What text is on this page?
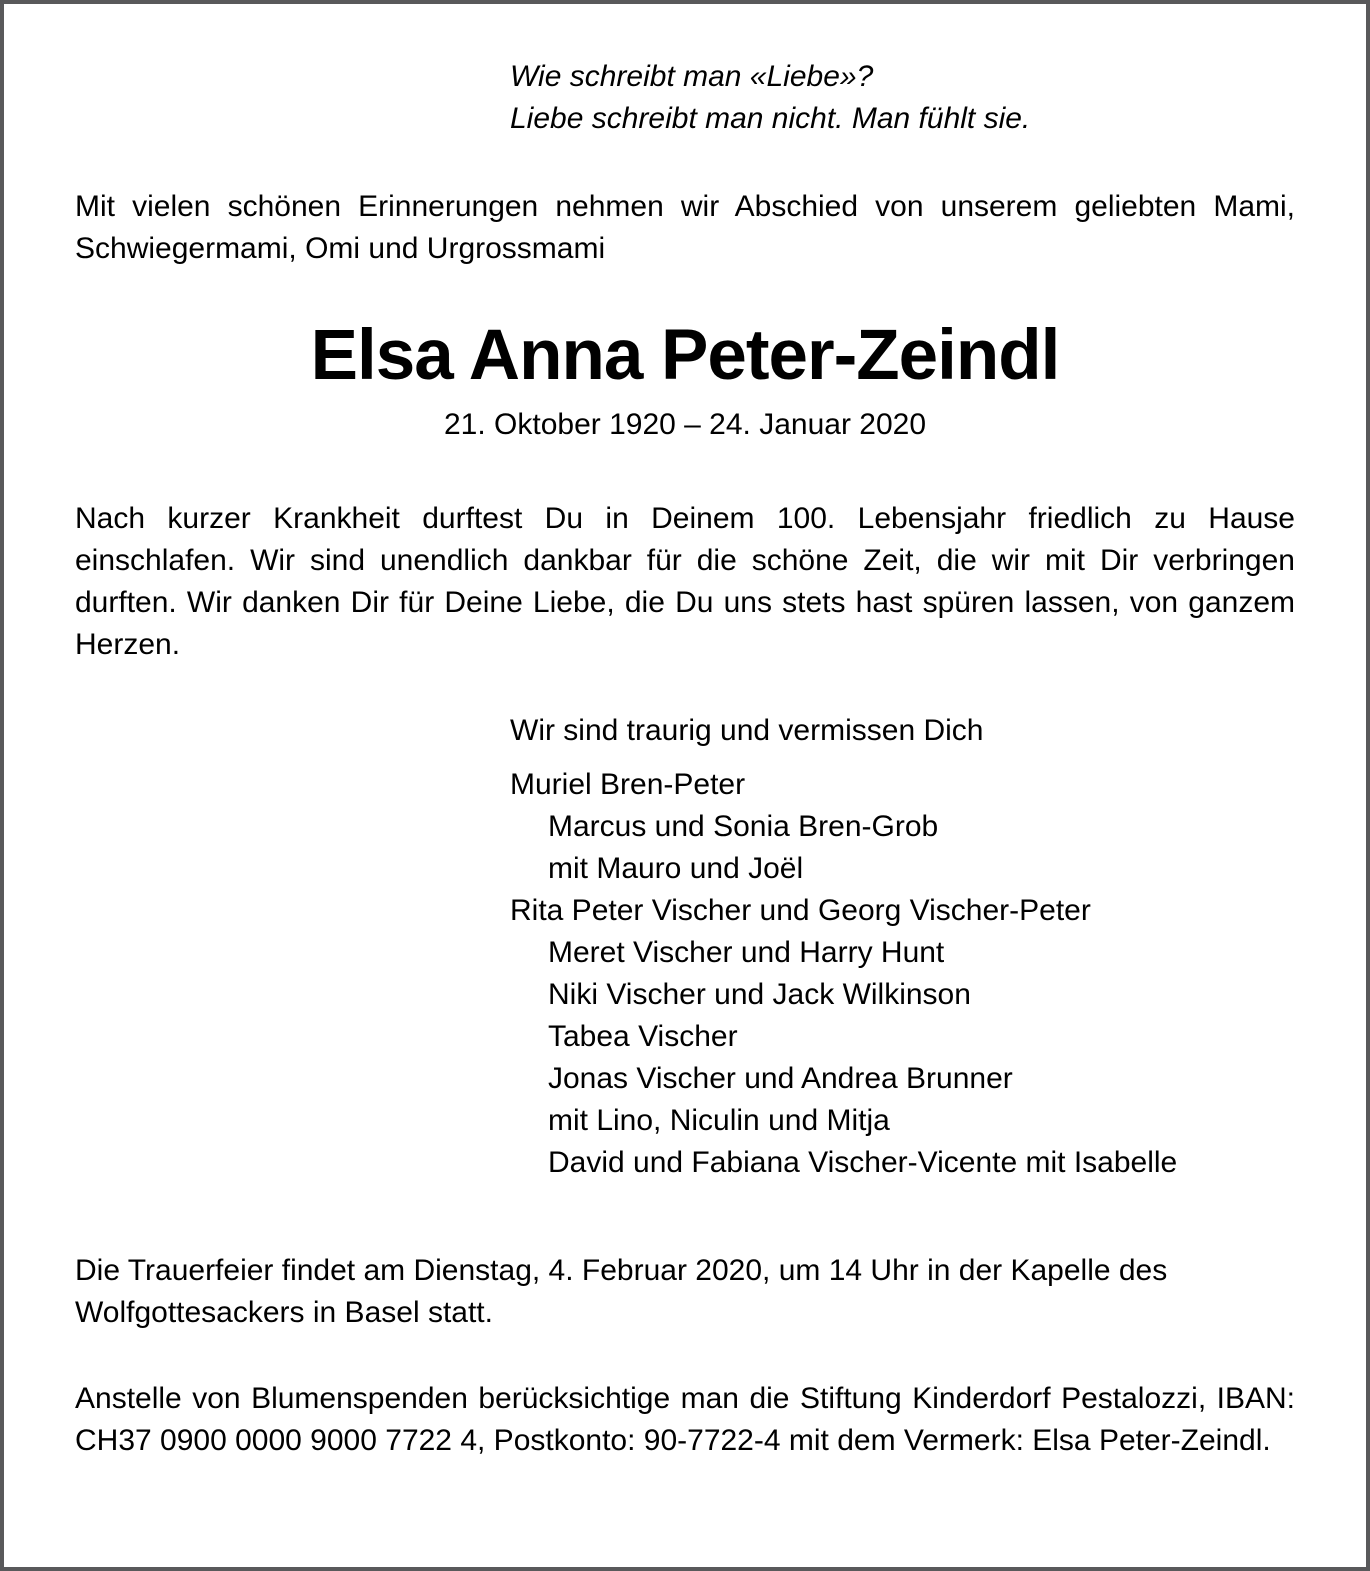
Wie schreibt man «Liebe»?
Liebe schreibt man nicht. Man fühlt sie.

Mit vielen schönen Erinnerungen nehmen wir Abschied von unserem geliebten Mami, Schwiegermami, Omi und Urgrossmami

Elsa Anna Peter-Zeindl
21. Oktober 1920 – 24. Januar 2020

Nach kurzer Krankheit durftest Du in Deinem 100. Lebensjahr friedlich zu Hause einschlafen. Wir sind unendlich dankbar für die schöne Zeit, die wir mit Dir verbringen durften. Wir danken Dir für Deine Liebe, die Du uns stets hast spüren lassen, von ganzem Herzen.

Wir sind traurig und vermissen Dich
Muriel Bren-Peter
Marcus und Sonia Bren-Grob
mit Mauro und Joël
Rita Peter Vischer und Georg Vischer-Peter
Meret Vischer und Harry Hunt
Niki Vischer und Jack Wilkinson
Tabea Vischer
Jonas Vischer und Andrea Brunner
mit Lino, Niculin und Mitja
David und Fabiana Vischer-Vicente mit Isabelle

Die Trauerfeier findet am Dienstag, 4. Februar 2020, um 14 Uhr in der Kapelle des Wolfgottesackers in Basel statt.

Anstelle von Blumenspenden berücksichtige man die Stiftung Kinderdorf Pestalozzi, IBAN: CH37 0900 0000 9000 7722 4, Postkonto: 90-7722-4 mit dem Vermerk: Elsa Peter-Zeindl.
